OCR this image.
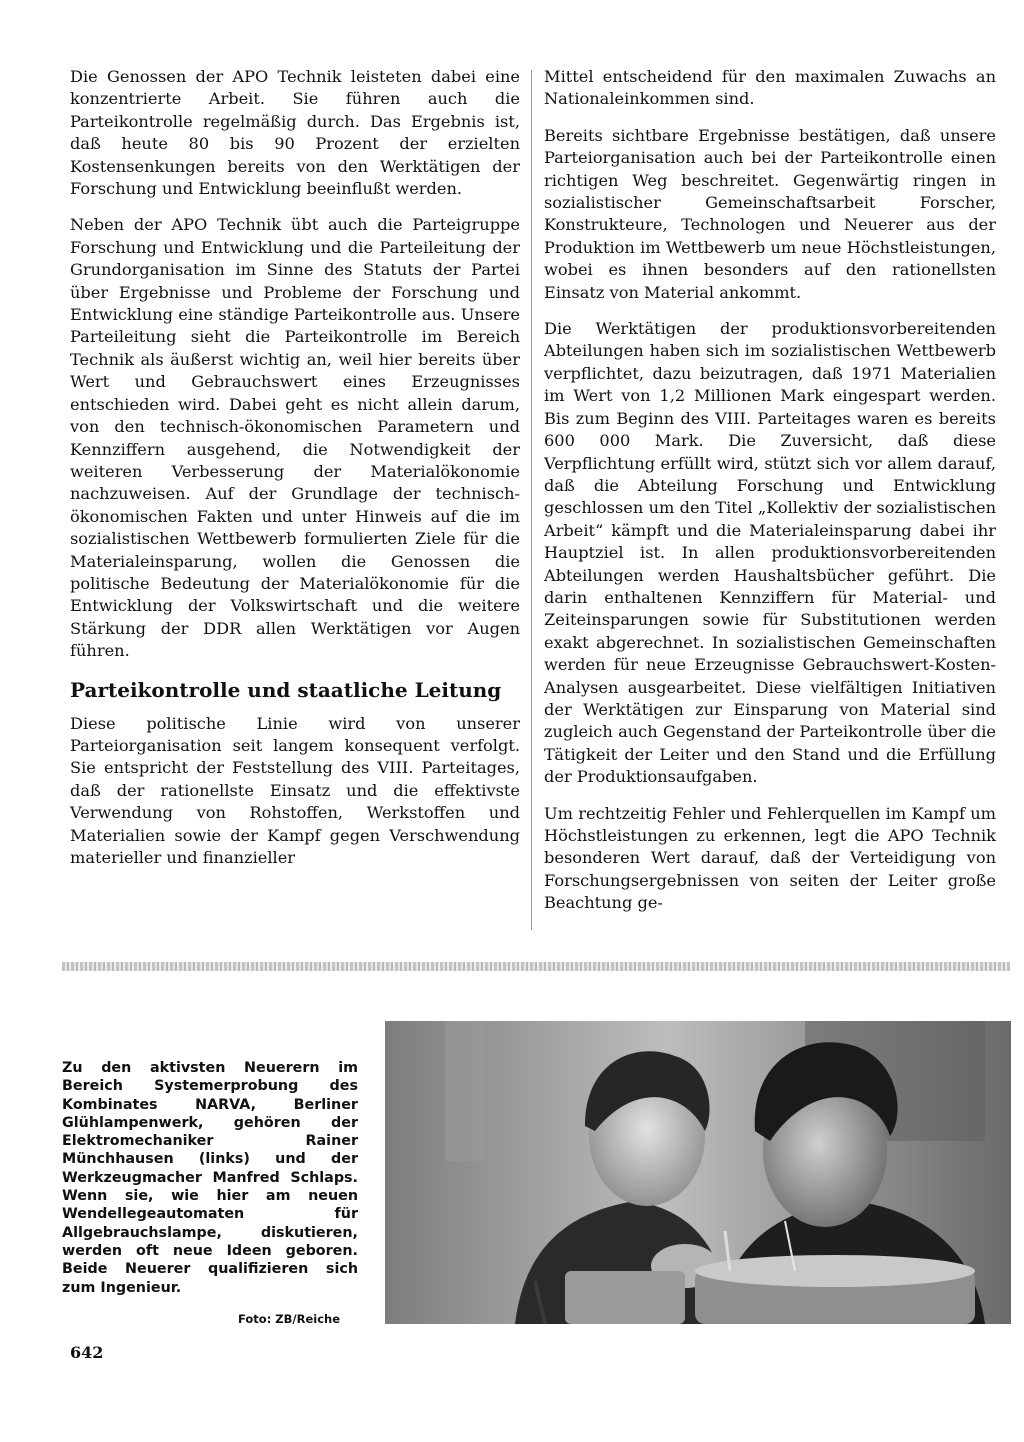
Die Genossen der APO Technik leisteten dabei eine konzentrierte Arbeit. Sie führen auch die Parteikontrolle regelmäßig durch. Das Ergebnis ist, daß heute 80 bis 90 Prozent der erzielten Kostensenkungen bereits von den Werktätigen der Forschung und Entwicklung beeinflußt werden.

Neben der APO Technik übt auch die Parteigruppe Forschung und Entwicklung und die Parteileitung der Grundorganisation im Sinne des Statuts der Partei über Ergebnisse und Probleme der Forschung und Entwicklung eine ständige Parteikontrolle aus. Unsere Parteileitung sieht die Parteikontrolle im Bereich Technik als äußerst wichtig an, weil hier bereits über Wert und Gebrauchswert eines Erzeugnisses entschieden wird. Dabei geht es nicht allein darum, von den technisch-ökonomischen Parametern und Kennziffern ausgehend, die Notwendigkeit der weiteren Verbesserung der Materialökonomie nachzuweisen. Auf der Grundlage der technisch-ökonomischen Fakten und unter Hinweis auf die im sozialistischen Wettbewerb formulierten Ziele für die Materialeinsparung, wollen die Genossen die politische Bedeutung der Materialökonomie für die Entwicklung der Volkswirtschaft und die weitere Stärkung der DDR allen Werktätigen vor Augen führen.

Parteikontrolle und staatliche Leitung

Diese politische Linie wird von unserer Parteiorganisation seit langem konsequent verfolgt. Sie entspricht der Feststellung des VIII. Parteitages, daß der rationellste Einsatz und die effektivste Verwendung von Rohstoffen, Werkstoffen und Materialien sowie der Kampf gegen Verschwendung materieller und finanzieller

Mittel entscheidend für den maximalen Zuwachs an Nationaleinkommen sind.

Bereits sichtbare Ergebnisse bestätigen, daß unsere Parteiorganisation auch bei der Parteikontrolle einen richtigen Weg beschreitet. Gegenwärtig ringen in sozialistischer Gemeinschaftsarbeit Forscher, Konstrukteure, Technologen und Neuerer aus der Produktion im Wettbewerb um neue Höchstleistungen, wobei es ihnen besonders auf den rationellsten Einsatz von Material ankommt.

Die Werktätigen der produktionsvorbereitenden Abteilungen haben sich im sozialistischen Wettbewerb verpflichtet, dazu beizutragen, daß 1971 Materialien im Wert von 1,2 Millionen Mark eingespart werden. Bis zum Beginn des VIII. Parteitages waren es bereits 600 000 Mark. Die Zuversicht, daß diese Verpflichtung erfüllt wird, stützt sich vor allem darauf, daß die Abteilung Forschung und Entwicklung geschlossen um den Titel „Kollektiv der sozialistischen Arbeit“ kämpft und die Materialeinsparung dabei ihr Hauptziel ist. In allen produktionsvorbereitenden Abteilungen werden Haushaltsbücher geführt. Die darin enthaltenen Kennziffern für Material- und Zeiteinsparungen sowie für Substitutionen werden exakt abgerechnet. In sozialistischen Gemeinschaften werden für neue Erzeugnisse Gebrauchswert-Kosten-Analysen ausgearbeitet. Diese vielfältigen Initiativen der Werktätigen zur Einsparung von Material sind zugleich auch Gegenstand der Parteikontrolle über die Tätigkeit der Leiter und den Stand und die Erfüllung der Produktionsaufgaben.

Um rechtzeitig Fehler und Fehlerquellen im Kampf um Höchstleistungen zu erkennen, legt die APO Technik besonderen Wert darauf, daß der Verteidigung von Forschungsergebnissen von seiten der Leiter große Beachtung ge-

Zu den aktivsten Neuerern im Bereich Systemerprobung des Kombinates NARVA, Berliner Glühlampenwerk, gehören der Elektromechaniker Rainer Münchhausen (links) und der Werkzeugmacher Manfred Schlaps. Wenn sie, wie hier am neuen Wendellegeautomaten für Allgebrauchslampe, diskutieren, werden oft neue Ideen geboren. Beide Neuerer qualifizieren sich zum Ingenieur.

Foto: ZB/Reiche
642
